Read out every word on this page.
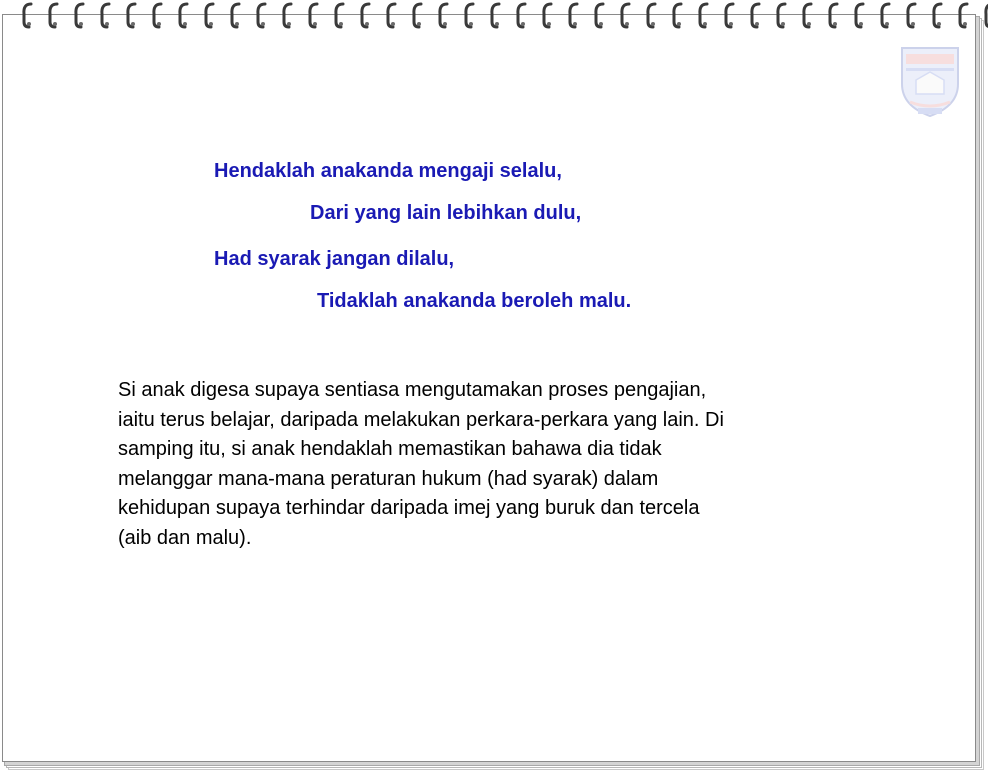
Hendaklah anakanda mengaji selalu,
Dari yang lain lebihkan dulu,
Had syarak jangan dilalu,
Tidaklah anakanda beroleh malu.

Si anak digesa supaya sentiasa mengutamakan proses pengajian,
iaitu terus belajar, daripada melakukan perkara-perkara yang lain. Di
samping itu, si anak hendaklah memastikan bahawa dia tidak
melanggar mana-mana peraturan hukum (had syarak) dalam
kehidupan supaya terhindar daripada imej yang buruk dan tercela
(aib dan malu).
